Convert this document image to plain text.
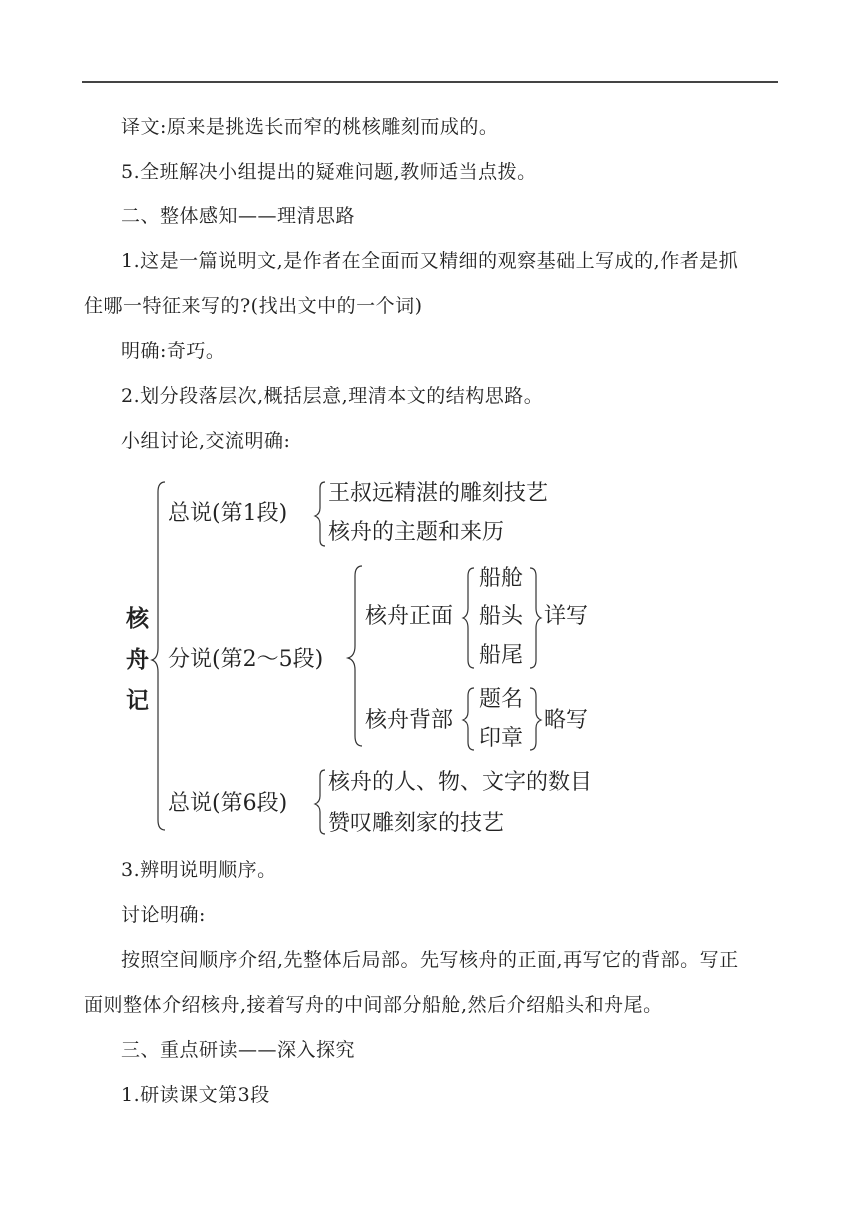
译文:原来是挑选长而窄的桃核雕刻而成的。
5.全班解决小组提出的疑难问题,教师适当点拨。
二、整体感知——理清思路
1.这是一篇说明文,是作者在全面而又精细的观察基础上写成的,作者是抓
住哪一特征来写的?(找出文中的一个词)
明确:奇巧。
2.划分段落层次,概括层意,理清本文的结构思路。
小组讨论,交流明确:
核
舟
记
总说(第1段)
王叔远精湛的雕刻技艺
核舟的主题和来历
分说(第2～5段)
核舟正面
船舱
船头
船尾
详写
核舟背部
题名
印章
略写
总说(第6段)
核舟的人、物、文字的数目
赞叹雕刻家的技艺
3.辨明说明顺序。
讨论明确:
按照空间顺序介绍,先整体后局部。先写核舟的正面,再写它的背部。写正
面则整体介绍核舟,接着写舟的中间部分船舱,然后介绍船头和舟尾。
三、重点研读——深入探究
1.研读课文第3段
